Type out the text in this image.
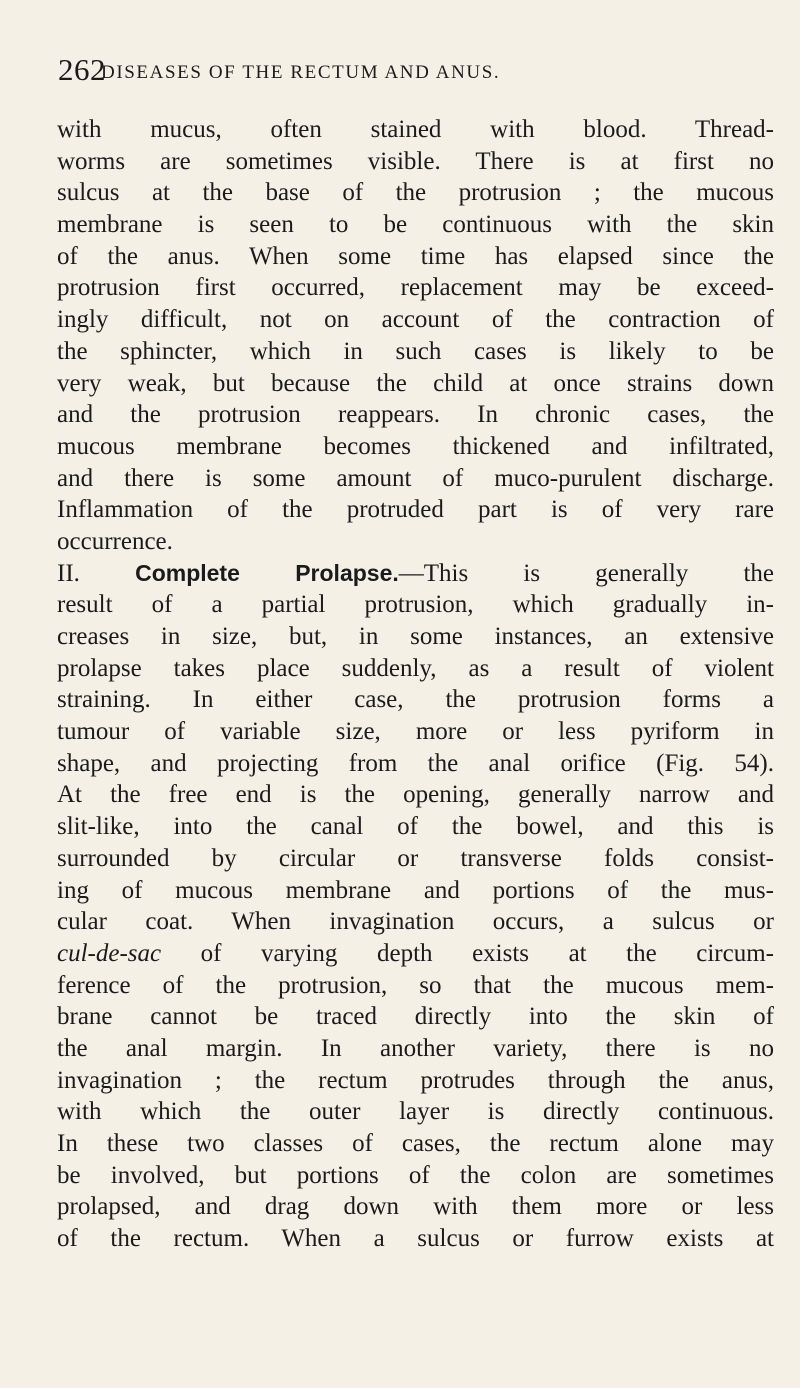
262
DISEASES OF THE RECTUM AND ANUS.
with mucus, often stained with blood. Thread-
worms are sometimes visible. There is at first no
sulcus at the base of the protrusion ; the mucous
membrane is seen to be continuous with the skin
of the anus. When some time has elapsed since the
protrusion first occurred, replacement may be exceed-
ingly difficult, not on account of the contraction of
the sphincter, which in such cases is likely to be
very weak, but because the child at once strains down
and the protrusion reappears. In chronic cases, the
mucous membrane becomes thickened and infiltrated,
and there is some amount of muco-purulent discharge.
Inflammation of the protruded part is of very rare
occurrence.
II. Complete Prolapse.—This is generally the
result of a partial protrusion, which gradually in-
creases in size, but, in some instances, an extensive
prolapse takes place suddenly, as a result of violent
straining. In either case, the protrusion forms a
tumour of variable size, more or less pyriform in
shape, and projecting from the anal orifice (Fig. 54).
At the free end is the opening, generally narrow and
slit-like, into the canal of the bowel, and this is
surrounded by circular or transverse folds consist-
ing of mucous membrane and portions of the mus-
cular coat. When invagination occurs, a sulcus or
cul-de-sac of varying depth exists at the circum-
ference of the protrusion, so that the mucous mem-
brane cannot be traced directly into the skin of
the anal margin. In another variety, there is no
invagination ; the rectum protrudes through the anus,
with which the outer layer is directly continuous.
In these two classes of cases, the rectum alone may
be involved, but portions of the colon are sometimes
prolapsed, and drag down with them more or less
of the rectum. When a sulcus or furrow exists at
